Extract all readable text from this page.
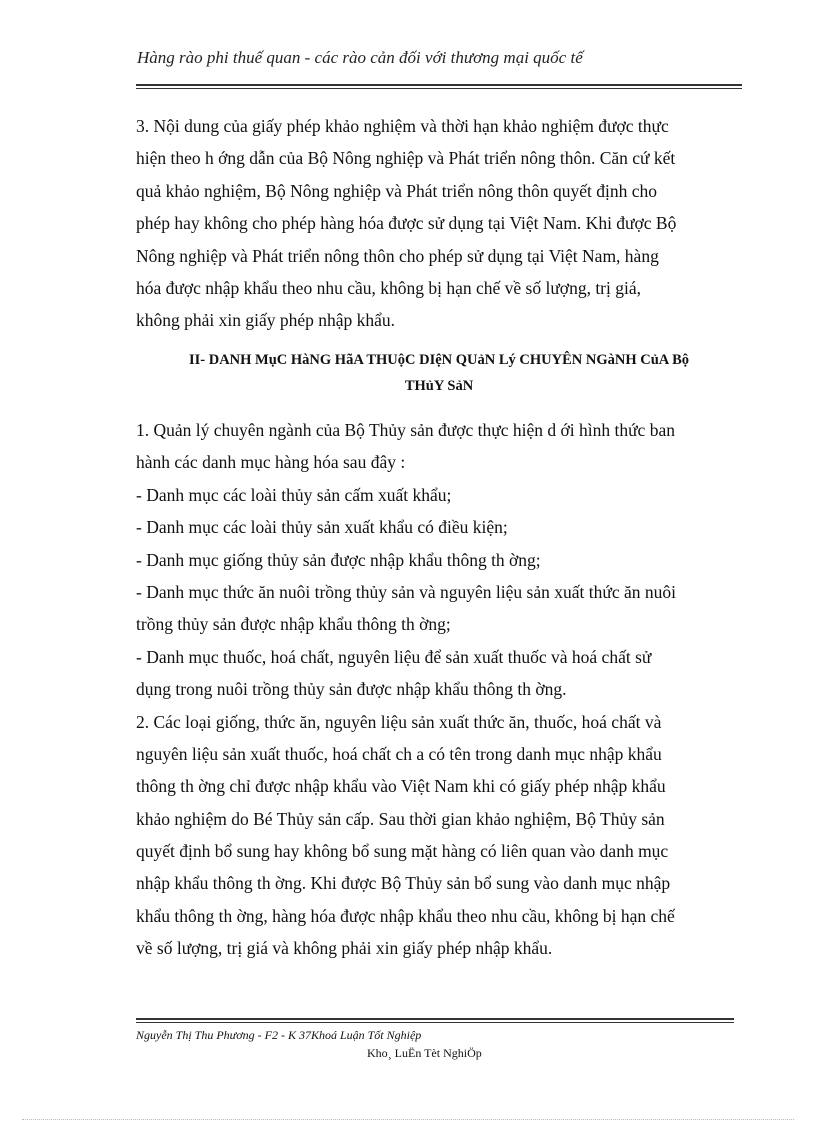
Hàng rào phi thuế quan - các rào cản đối với thương mại quốc tế
3. Nội dung của giấy phép khảo nghiệm và thời hạn khảo nghiệm được thực
hiện theo h ớng dẫn của Bộ Nông nghiệp và Phát triển nông thôn. Căn cứ kết
quả khảo nghiệm, Bộ Nông nghiệp và Phát triển nông thôn quyết định cho
phép hay không cho phép hàng hóa được sử dụng tại Việt Nam. Khi được Bộ
Nông nghiệp và Phát triển nông thôn cho phép sử dụng tại Việt Nam, hàng
hóa được nhập khẩu theo nhu cầu, không bị hạn chế về số lượng, trị giá,
không phải xin giấy phép nhập khẩu.
II- DANH MụC HàNG HãA THUộC DIệN QUảN Lý CHUYÊN NGàNH CủA Bộ
THủY SảN
1. Quản lý chuyên ngành của Bộ Thủy sản được thực hiện d ới hình thức ban
hành các danh mục hàng hóa sau đây :
- Danh mục các loài thủy sản cấm xuất khẩu;
- Danh mục các loài thủy sản xuất khẩu có điều kiện;
- Danh mục giống thủy sản được nhập khẩu thông th ờng;
- Danh mục thức ăn nuôi trồng thủy sản và nguyên liệu sản xuất thức ăn nuôi
trồng thủy sản được nhập khẩu thông th ờng;
- Danh mục thuốc, hoá chất, nguyên liệu để sản xuất thuốc và hoá chất sử
dụng trong nuôi trồng thủy sản được nhập khẩu thông th ờng.
2. Các loại giống, thức ăn, nguyên liệu sản xuất thức ăn, thuốc, hoá chất và
nguyên liệu sản xuất thuốc, hoá chất ch a có tên trong danh mục nhập khẩu
thông th ờng chỉ được nhập khẩu vào Việt Nam khi có giấy phép nhập khẩu
khảo nghiệm do Bé Thủy sản cấp. Sau thời gian khảo nghiệm, Bộ Thủy sản
quyết định bổ sung hay không bổ sung mặt hàng có liên quan vào danh mục
nhập khẩu thông th ờng. Khi được Bộ Thủy sản bổ sung vào danh mục nhập
khẩu thông th ờng, hàng hóa được nhập khẩu theo nhu cầu, không bị hạn chế
về số lượng, trị giá và không phải xin giấy phép nhập khẩu.
Nguyễn Thị Thu Phương - F2 - K 37Khoá Luận Tốt Nghiệp
Kho¸ LuËn Tèt NghiÖp
